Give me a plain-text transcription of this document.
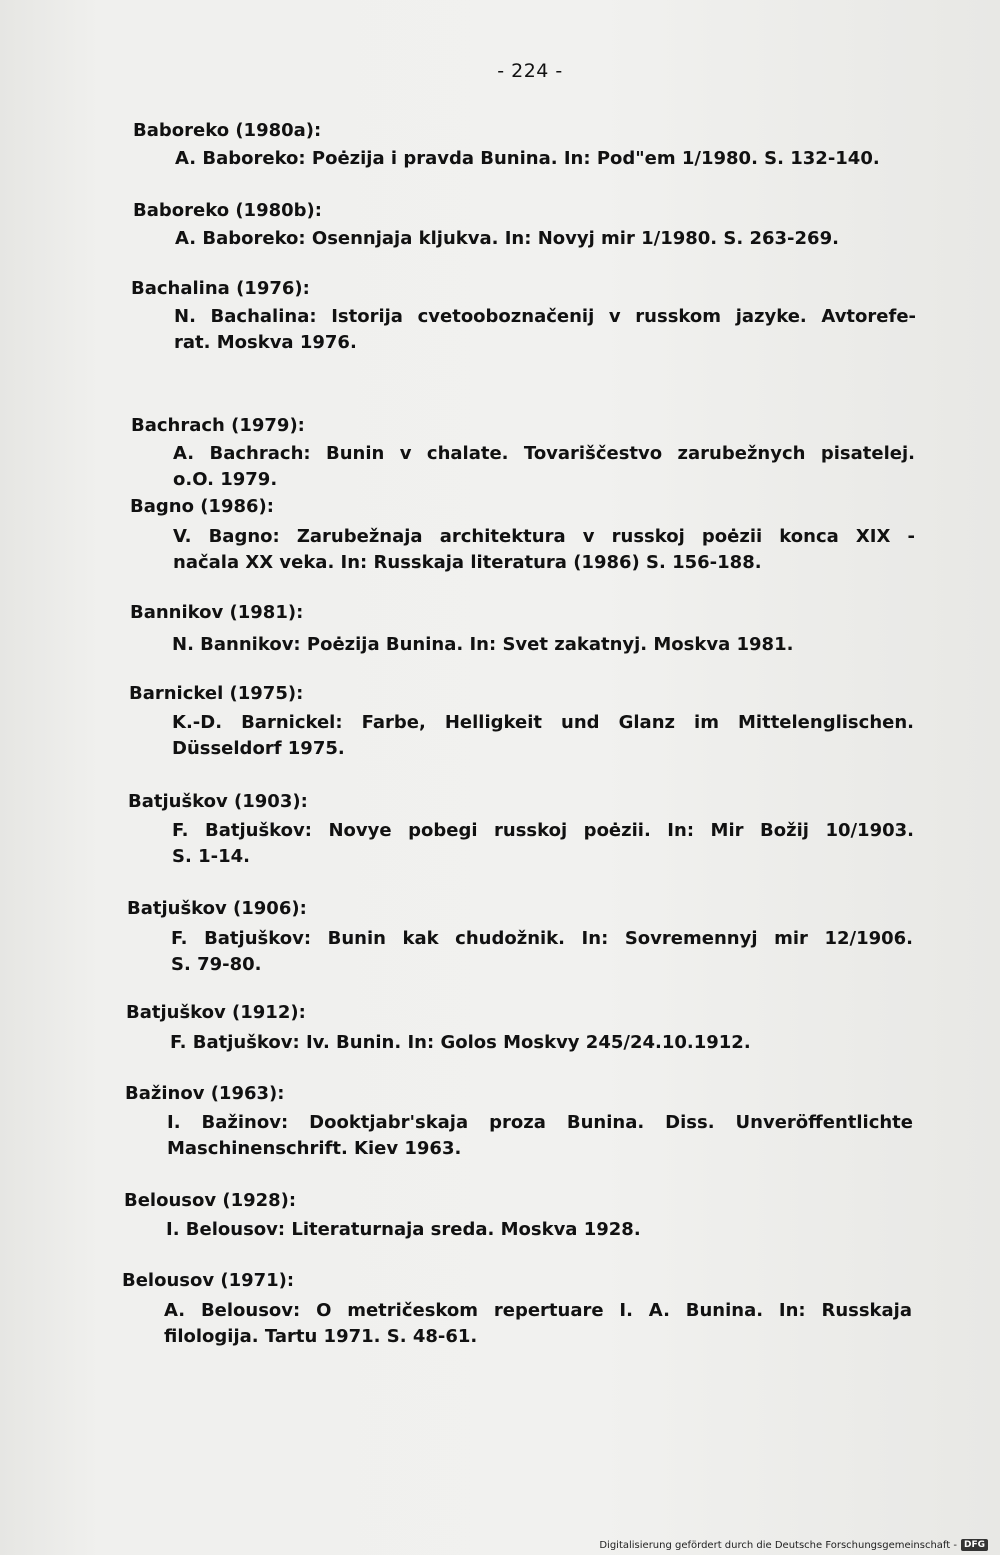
- 224 -
Baboreko (1980a):
A. Baboreko: Poėzija i pravda Bunina. In: Pod"em 1/1980. S. 132-140.
Baboreko (1980b):
A. Baboreko: Osennjaja kljukva. In: Novyj mir 1/1980. S. 263-269.
Bachalina (1976):
N. Bachalina: Istorija cvetooboznačenij v russkom jazyke. Avtorefe-
rat. Moskva 1976.
Bachrach (1979):
A. Bachrach: Bunin v chalate. Tovariščestvo zarubežnych pisatelej.
o.O. 1979.
Bagno (1986):
V. Bagno: Zarubežnaja architektura v russkoj poėzii konca XIX -
načala XX veka. In: Russkaja literatura (1986) S. 156-188.
Bannikov (1981):
N. Bannikov: Poėzija Bunina. In: Svet zakatnyj. Moskva 1981.
Barnickel (1975):
K.-D. Barnickel: Farbe, Helligkeit und Glanz im Mittelenglischen.
Düsseldorf 1975.
Batjuškov (1903):
F. Batjuškov: Novye pobegi russkoj poėzii. In: Mir Božij 10/1903.
S. 1-14.
Batjuškov (1906):
F. Batjuškov: Bunin kak chudožnik. In: Sovremennyj mir 12/1906.
S. 79-80.
Batjuškov (1912):
F. Batjuškov: Iv. Bunin. In: Golos Moskvy 245/24.10.1912.
Bažinov (1963):
I. Bažinov: Dooktjabr'skaja proza Bunina. Diss. Unveröffentlichte
Maschinenschrift. Kiev 1963.
Belousov (1928):
I. Belousov: Literaturnaja sreda. Moskva 1928.
Belousov (1971):
A. Belousov: O metričeskom repertuare I. A. Bunina. In: Russkaja
filologija. Tartu 1971. S. 48-61.
Digitalisierung gefördert durch die Deutsche Forschungsgemeinschaft - DFG
